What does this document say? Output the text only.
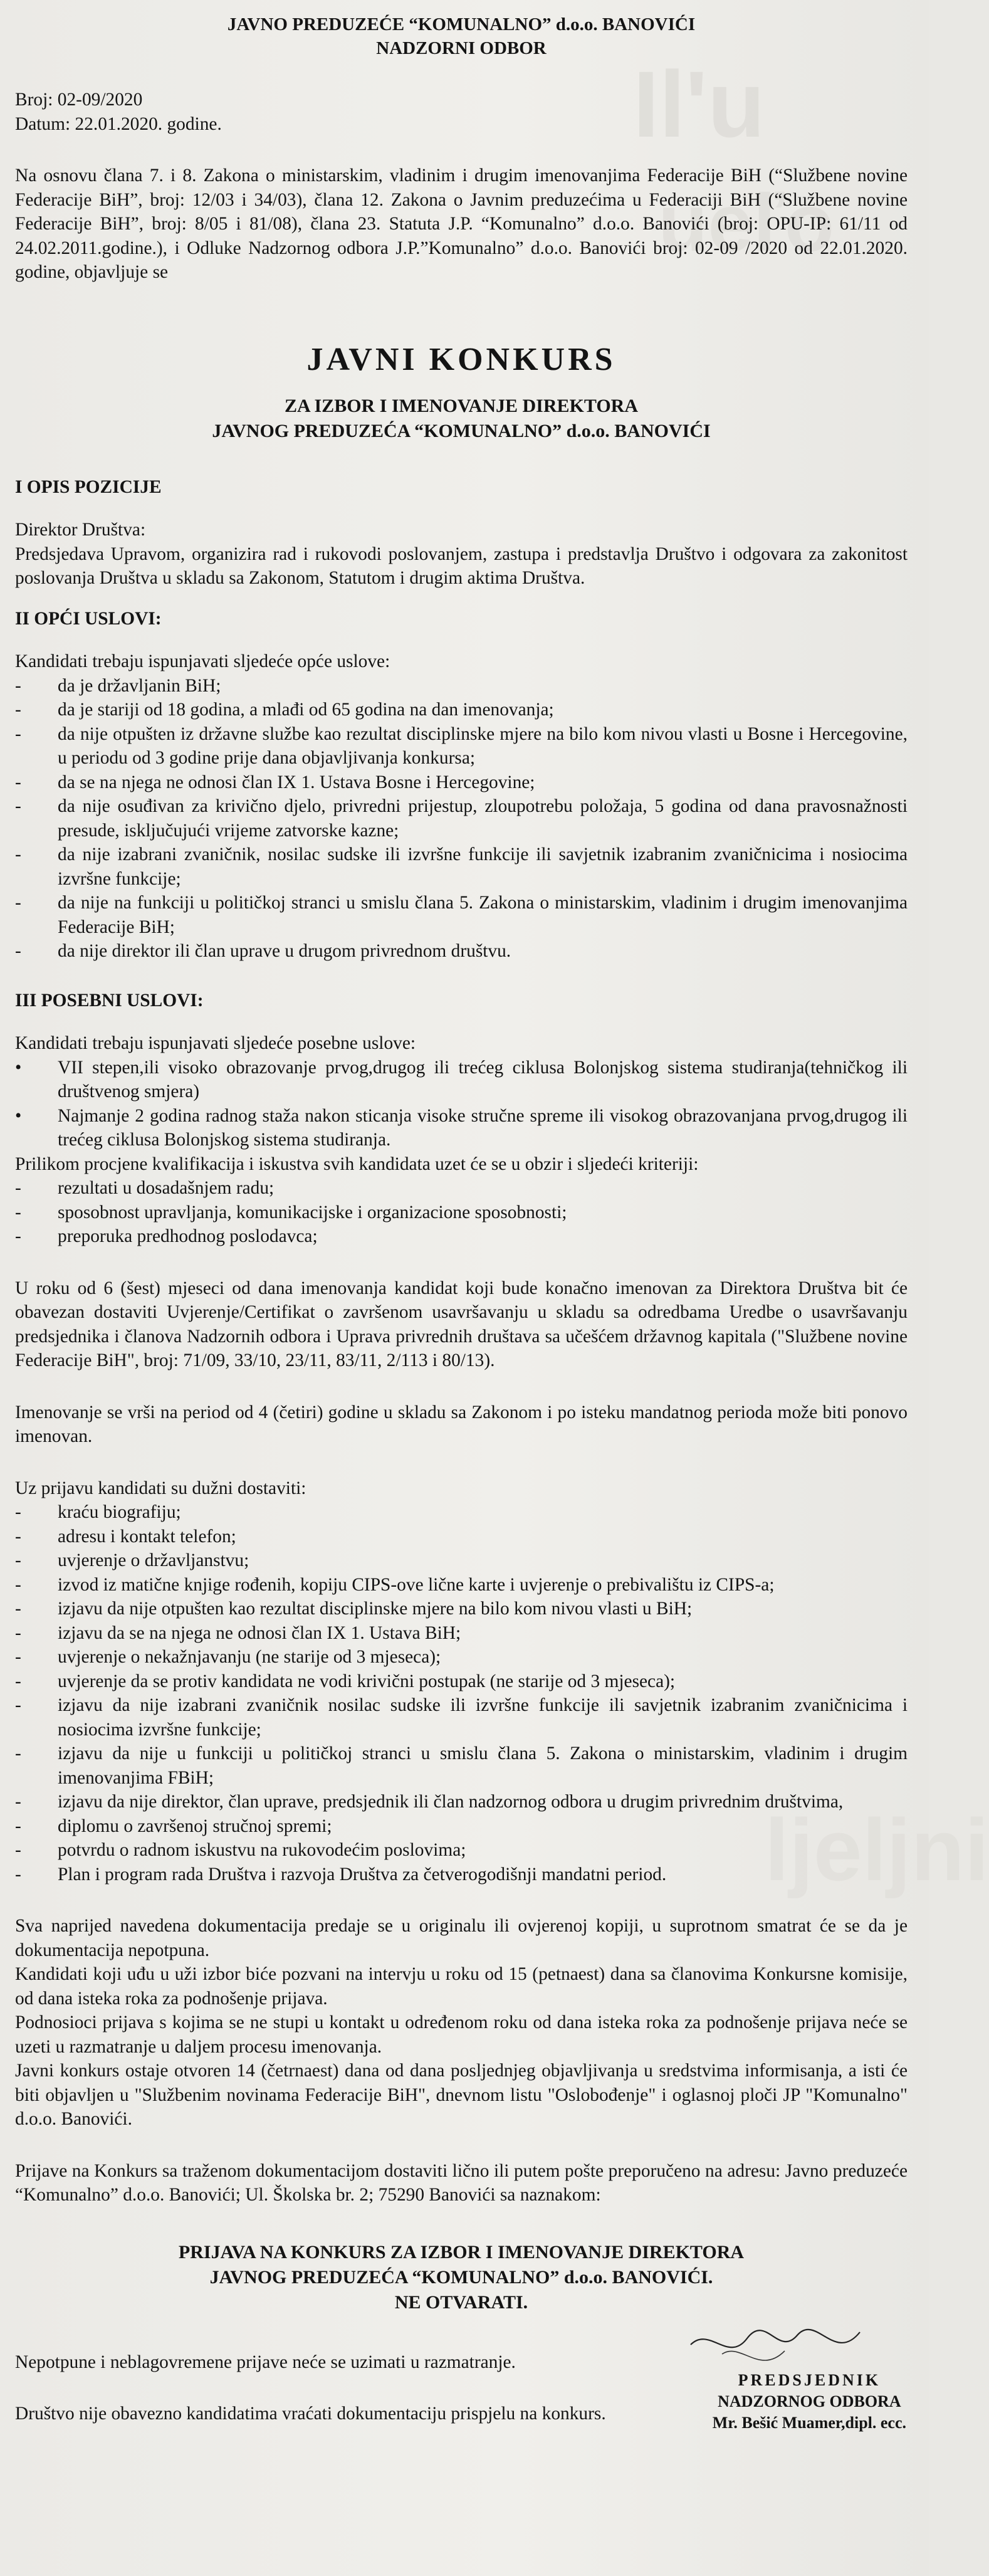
Il'u
ueľo
ljeljni

JAVNO PREDUZEĆE “KOMUNALNO” d.o.o. BANOVIĆI

NADZORNI ODBOR

Broj: 02-09/2020

Datum: 22.01.2020. godine.

Na osnovu člana 7. i 8. Zakona o ministarskim, vladinim i drugim imenovanjima Federacije BiH (“Službene novine Federacije BiH”, broj: 12/03 i 34/03), člana 12. Zakona o Javnim preduzećima u Federaciji BiH (“Službene novine Federacije BiH”, broj: 8/05 i 81/08), člana 23. Statuta J.P. “Komunalno” d.o.o. Banovići (broj: OPU-IP: 61/11 od 24.02.2011.godine.), i Odluke Nadzornog odbora J.P.”Komunalno” d.o.o. Banovići broj: 02-09 /2020 od 22.01.2020. godine, objavljuje se

JAVNI KONKURS

ZA IZBOR I IMENOVANJE DIREKTORA

JAVNOG PREDUZEĆA “KOMUNALNO” d.o.o. BANOVIĆI

I OPIS POZICIJE

Direktor Društva:

Predsjedava Upravom, organizira rad i rukovodi poslovanjem, zastupa i predstavlja Društvo i odgovara za zakonitost poslovanja Društva u skladu sa Zakonom, Statutom i drugim aktima Društva.

II OPĆI USLOVI:

Kandidati trebaju ispunjavati sljedeće opće uslove:

- da je državljanin BiH;
- da je stariji od 18 godina, a mlađi od 65 godina na dan imenovanja;
- da nije otpušten iz državne službe kao rezultat disciplinske mjere na bilo kom nivou vlasti u Bosne i Hercegovine, u periodu od 3 godine prije dana objavljivanja konkursa;
- da se na njega ne odnosi član IX 1. Ustava Bosne i Hercegovine;
- da nije osuđivan za krivično djelo, privredni prijestup, zloupotrebu položaja, 5 godina od dana pravosnažnosti presude, isključujući vrijeme zatvorske kazne;
- da nije izabrani zvaničnik, nosilac sudske ili izvršne funkcije ili savjetnik izabranim zvaničnicima i nosiocima izvršne funkcije;
- da nije na funkciji u političkoj stranci u smislu člana 5. Zakona o ministarskim, vladinim i drugim imenovanjima Federacije BiH;
- da nije direktor ili član uprave u drugom privrednom društvu.

III POSEBNI USLOVI:

Kandidati trebaju ispunjavati sljedeće posebne uslove:

• VII stepen,ili visoko obrazovanje prvog,drugog ili trećeg ciklusa Bolonjskog sistema studiranja(tehničkog ili društvenog smjera)
• Najmanje 2 godina radnog staža nakon sticanja visoke stručne spreme ili visokog obrazovanjana prvog,drugog ili trećeg ciklusa Bolonjskog sistema studiranja.

Prilikom procjene kvalifikacija i iskustva svih kandidata uzet će se u obzir i sljedeći kriteriji:

- rezultati u dosadašnjem radu;
- sposobnost upravljanja, komunikacijske i organizacione sposobnosti;
- preporuka predhodnog poslodavca;

U roku od 6 (šest) mjeseci od dana imenovanja kandidat koji bude konačno imenovan za Direktora Društva bit će obavezan dostaviti Uvjerenje/Certifikat o završenom usavršavanju u skladu sa odredbama Uredbe o usavršavanju predsjednika i članova Nadzornih odbora i Uprava privrednih društava sa učešćem državnog kapitala ("Službene novine Federacije BiH", broj: 71/09, 33/10, 23/11, 83/11, 2/113 i 80/13).

Imenovanje se vrši na period od 4 (četiri) godine u skladu sa Zakonom i po isteku mandatnog perioda može biti ponovo imenovan.

Uz prijavu kandidati su dužni dostaviti:

- kraću biografiju;
- adresu i kontakt telefon;
- uvjerenje o državljanstvu;
- izvod iz matične knjige rođenih, kopiju CIPS-ove lične karte i uvjerenje o prebivalištu iz CIPS-a;
- izjavu da nije otpušten kao rezultat disciplinske mjere na bilo kom nivou vlasti u BiH;
- izjavu da se na njega ne odnosi član IX 1. Ustava BiH;
- uvjerenje o nekažnjavanju (ne starije od 3 mjeseca);
- uvjerenje da se protiv kandidata ne vodi krivični postupak (ne starije od 3 mjeseca);
- izjavu da nije izabrani zvaničnik nosilac sudske ili izvršne funkcije ili savjetnik izabranim zvaničnicima i nosiocima izvršne funkcije;
- izjavu da nije u funkciji u političkoj stranci u smislu člana 5. Zakona o ministarskim, vladinim i drugim imenovanjima FBiH;
- izjavu da nije direktor, član uprave, predsjednik ili član nadzornog odbora u drugim privrednim društvima,
- diplomu o završenoj stručnoj spremi;
- potvrdu o radnom iskustvu na rukovodećim poslovima;
- Plan i program rada Društva i razvoja Društva za četverogodišnji mandatni period.

Sva naprijed navedena dokumentacija predaje se u originalu ili ovjerenoj kopiji, u suprotnom smatrat će se da je dokumentacija nepotpuna.

Kandidati koji uđu u uži izbor biće pozvani na intervju u roku od 15 (petnaest) dana sa članovima Konkursne komisije, od dana isteka roka za podnošenje prijava.

Podnosioci prijava s kojima se ne stupi u kontakt u određenom roku od dana isteka roka za podnošenje prijava neće se uzeti u razmatranje u daljem procesu imenovanja.

Javni konkurs ostaje otvoren 14 (četrnaest) dana od dana posljednjeg objavljivanja u sredstvima informisanja, a isti će biti objavljen u "Službenim novinama Federacije BiH", dnevnom listu "Oslobođenje" i oglasnoj ploči JP "Komunalno" d.o.o. Banovići.

Prijave na Konkurs sa traženom dokumentacijom dostaviti lično ili putem pošte preporučeno na adresu: Javno preduzeće “Komunalno” d.o.o. Banovići; Ul. Školska br. 2; 75290 Banovići sa naznakom:

PRIJAVA NA KONKURS ZA IZBOR I IMENOVANJE DIREKTORA

JAVNOG PREDUZEĆA “KOMUNALNO” d.o.o. BANOVIĆI.

NE OTVARATI.

Nepotpune i neblagovremene prijave neće se uzimati u razmatranje.

Društvo nije obavezno kandidatima vraćati dokumentaciju prispjelu na konkurs.

PREDSJEDNIK

NADZORNOG ODBORA

Mr. Bešić Muamer,dipl. ecc.
